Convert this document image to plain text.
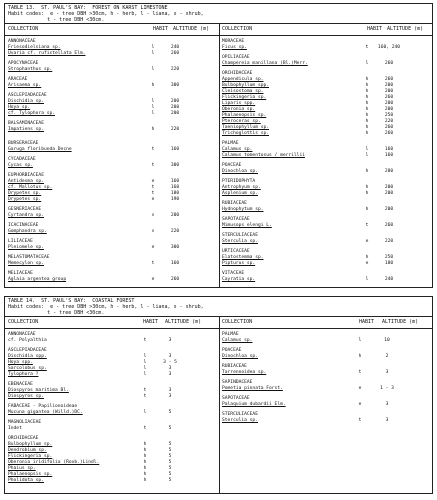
TABLE 13.  ST. PAUL'S BAY:  FOREST ON KARST LIMESTONE
Habit codes:  e - tree DBH >30cm, h - herb, l - liana, s - shrub,
t - tree DBH <30cm.
COLLECTION	HABIT ALTITUDE (m)
ANNONACEAE
Friesodielsiana sp.	l	240
Uvaria cf. rufistellata Elm.	l	260
APOCYNACEAE
Strophanthus sp.	l	220
ARACEAE
Arisaema sp.	h	300
ASCLEPIADACEAE
Dischidia sp.	l	200
Hoya sp.	l	200
cf. Tylophora sp.	l	200
BALSAMINACEAE
Impatiens sp.	h	220
BURSERACEAE
Garuga floribunda Decne	t	160
CYCADACEAE
Cycas sp.	t	300
EUPHORBIACEAE
Antidesma sp.	e	160
cf. Mallotus sp.	t	160
Drypetes sp.	t	180
Drypetes sp.	e	190
GESNERIACEAE
Cyrtandra sp.	s	200
ICACINACEAE
Gomphandra sp.	s	220
LILIACEAE
Pleiomele sp.	e	300
MELASTOMATACEAE
Memecylon sp.	t	160
MELIACEAE
Aglaia argentea group	e	260
COLLECTION	HABIT ALTITUDE (m)
MORACEAE
Ficus sp.	t	160, 240
OPILIACEAE
Champereia manillana (Bl.)Merr.	l	260
ORCHIDACEAE
Appendicula sp.	h	260
Bulbophyllum spp.	h	200
Cleisostoma sp.	h	200
Flickingeria sp.	h	260
Liparis spp.	h	200
Oberonia sp.	h	200
Phalaenopsis sp.	h	250
Pteroceras sp.	h	220
Taeniophyllum sp.	h	260
Trichoglottis sp.	h	260
PALMAE
Calamus sp.	l	160
Calamus tomentosus / merrillii	l	160
POACEAE
Dinochloa sp.	h	280
PTERIDOPHYTA
Antrophyum sp.	h	200
Asplenium sp.	h	200
RUBIACEAE
Hydnophytum sp.	h	200
SAPOTACEAE
Mimusops elengi L.	t	260
STERCULIACEAE
Sterculia sp.	e	220
URTICACEAE
Elatostemma sp.	h	250
Pipturus sp.	e	180
VITACEAE
Cayratia sp.	l	240
TABLE 14.  ST. PAUL'S BAY:  COASTAL FOREST
Habit codes:  e - tree DBH >30cm, h - herb, l - liana, s - shrub,
t - tree DBH <30cm.
COLLECTION	HABIT ALTITUDE (m)
ANNONACEAE
cf. Polyalthia	t	3
ASCLEPIADACEAE
Dischidia spp.	l	3
Hoya spp.	l	3 - 5
Sarcolobus sp.	l	3
Tylophora ?	l	3
EBENACEAE
Diospyros maritima Bl.	t	3
Diospyros sp.	t	3
FABACEAE - Papilionoideae
Mucuna gigantea (Willd.)DC.	l	5
MAGNOLIACEAE
Indet	t	5
ORCHIDACEAE
Bulbophyllum sp.	h	5
Dendrobium sp.	h	5
Flickingeria sp.	h	5
Oberonia iridifolia (Roxb.)Lindl.	h	5
Phaius sp.	h	5
Phalaenopsis sp.	h	5
Pholidota sp.	h	5
COLLECTION	HABIT ALTITUDE (m)
PALMAE
Calamus sp.	l	10
POACEAE
Dinochloa sp.	h	2
RUBIACEAE
Tarrennoidea sp.	t	3
SAPINDACEAE
Pometia pinnata Forst.	e	1 - 3
SAPOTACEAE
Palaquium dubardii Elm.	e	3
STERCULIACEAE
Sterculia sp.	t	3
